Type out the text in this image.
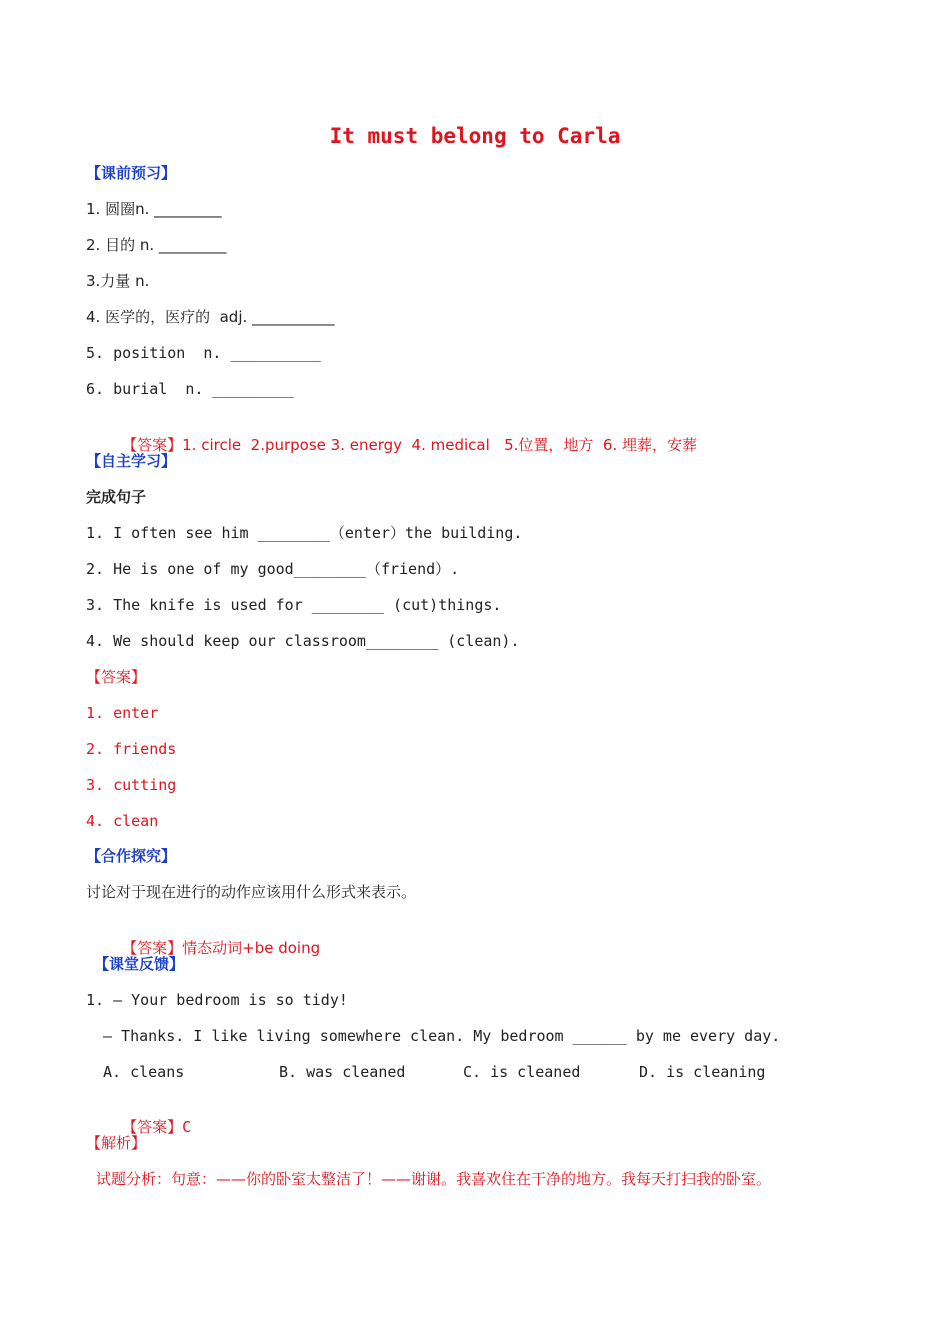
It must belong to Carla
【课前预习】
1. 圆圈n. _________
2. 目的 n. _________
3.力量 n.
4. 医学的，医疗的  adj. ___________
5. position  n. __________
6. burial  n. _________

【答案】1. circle  2.purpose 3. energy  4. medical   5.位置，地方  6. 埋葬，安葬

【自主学习】
完成句子
1. I often see him ________（enter）the building.
2. He is one of my good________（friend）.
3. The knife is used for ________ (cut)things.
4. We should keep our classroom________ (clean).
【答案】
1. enter
2. friends
3. cutting
4. clean
【合作探究】
讨论对于现在进行的动作应该用什么形式来表示。

【答案】情态动词+be doing

【课堂反馈】
1. — Your bedroom is so tidy!
— Thanks. I like living somewhere clean. My bedroom ______ by me every day.
A. cleans	B. was cleaned	C. is cleaned	D. is cleaning

【答案】C

【解析】
试题分析：句意：——你的卧室太整洁了！——谢谢。我喜欢住在干净的地方。我每天打扫我的卧室。
